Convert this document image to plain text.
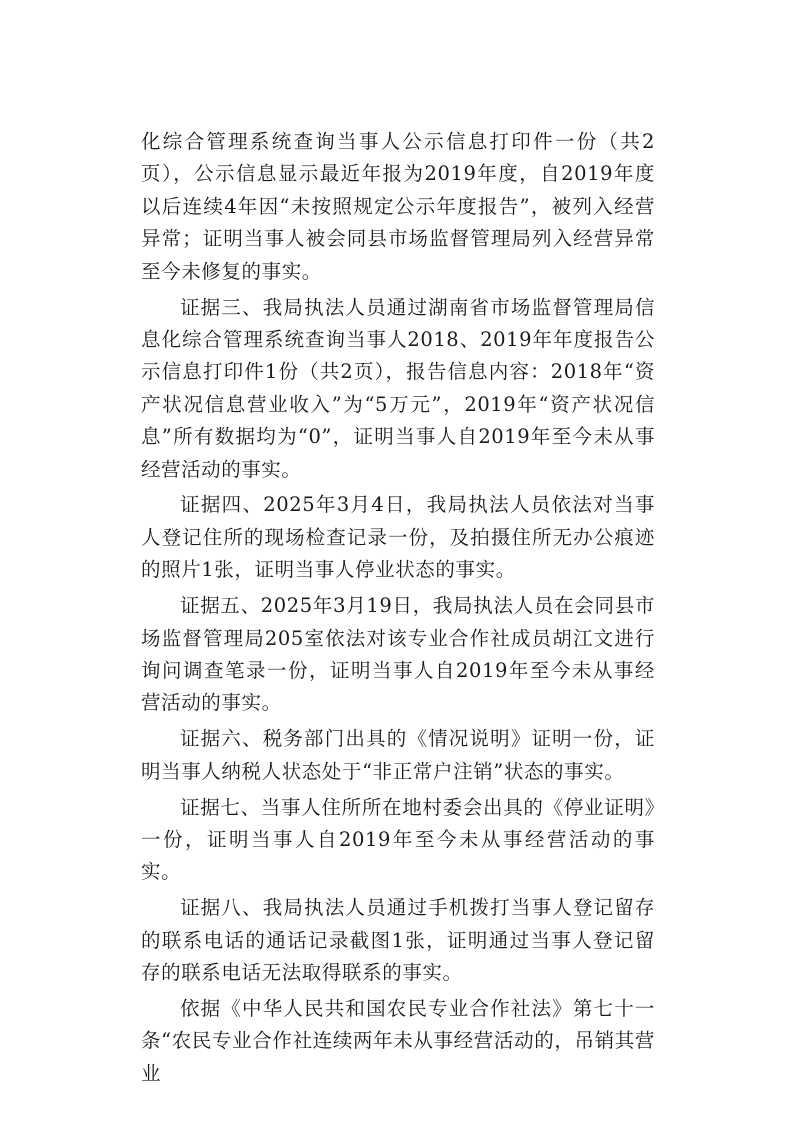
化综合管理系统查询当事人公示信息打印件一份（共2页），公示信息显示最近年报为2019年度，自2019年度以后连续4年因“未按照规定公示年度报告”，被列入经营异常；证明当事人被会同县市场监督管理局列入经营异常至今未修复的事实。

证据三、我局执法人员通过湖南省市场监督管理局信息化综合管理系统查询当事人2018、2019年年度报告公示信息打印件1份（共2页），报告信息内容：2018年“资产状况信息营业收入”为“5万元”，2019年“资产状况信息”所有数据均为“0”，证明当事人自2019年至今未从事经营活动的事实。

证据四、2025年3月4日，我局执法人员依法对当事人登记住所的现场检查记录一份，及拍摄住所无办公痕迹的照片1张，证明当事人停业状态的事实。

证据五、2025年3月19日，我局执法人员在会同县市场监督管理局205室依法对该专业合作社成员胡江文进行询问调查笔录一份，证明当事人自2019年至今未从事经营活动的事实。

证据六、税务部门出具的《情况说明》证明一份，证明当事人纳税人状态处于“非正常户注销”状态的事实。

证据七、当事人住所所在地村委会出具的《停业证明》一份，证明当事人自2019年至今未从事经营活动的事实。

证据八、我局执法人员通过手机拨打当事人登记留存的联系电话的通话记录截图1张，证明通过当事人登记留存的联系电话无法取得联系的事实。

依据《中华人民共和国农民专业合作社法》第七十一条“农民专业合作社连续两年未从事经营活动的，吊销其营业
